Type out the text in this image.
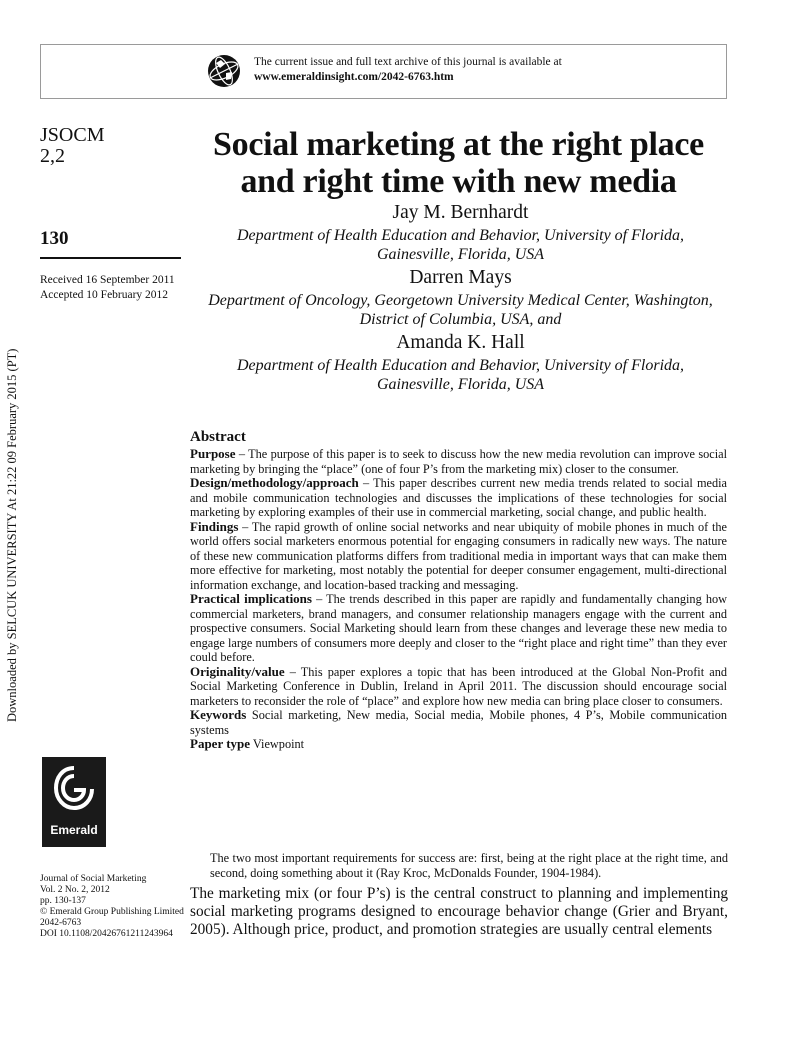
The current issue and full text archive of this journal is available at
www.emeraldinsight.com/2042-6763.htm
Downloaded by SELCUK UNIVERSITY At 21:22 09 February 2015 (PT)
JSOCM
2,2
130
Received 16 September 2011
Accepted 10 February 2012
Emerald
Journal of Social Marketing
Vol. 2 No. 2, 2012
pp. 130-137
© Emerald Group Publishing Limited
2042-6763
DOI 10.1108/20426761211243964
Social marketing at the right place
and right time with new media
Jay M. Bernhardt
Department of Health Education and Behavior, University of Florida,
Gainesville, Florida, USA
Darren Mays
Department of Oncology, Georgetown University Medical Center, Washington,
District of Columbia, USA, and
Amanda K. Hall
Department of Health Education and Behavior, University of Florida,
Gainesville, Florida, USA
Abstract

Purpose – The purpose of this paper is to seek to discuss how the new media revolution can improve social marketing by bringing the “place” (one of four P’s from the marketing mix) closer to the consumer.

Design/methodology/approach – This paper describes current new media trends related to social media and mobile communication technologies and discusses the implications of these technologies for social marketing by exploring examples of their use in commercial marketing, social change, and public health.

Findings – The rapid growth of online social networks and near ubiquity of mobile phones in much of the world offers social marketers enormous potential for engaging consumers in radically new ways. The nature of these new communication platforms differs from traditional media in important ways that can make them more effective for marketing, most notably the potential for deeper consumer engagement, multi-directional information exchange, and location-based tracking and messaging.

Practical implications – The trends described in this paper are rapidly and fundamentally changing how commercial marketers, brand managers, and consumer relationship managers engage with the current and prospective consumers. Social Marketing should learn from these changes and leverage these new media to engage large numbers of consumers more deeply and closer to the “right place and right time” than they ever could before.

Originality/value – This paper explores a topic that has been introduced at the Global Non-Profit and Social Marketing Conference in Dublin, Ireland in April 2011. The discussion should encourage social marketers to reconsider the role of “place” and explore how new media can bring place closer to consumers.

Keywords Social marketing, New media, Social media, Mobile phones, 4 P’s, Mobile communication systems

Paper type Viewpoint

The two most important requirements for success are: first, being at the right place at the right time, and second, doing something about it (Ray Kroc, McDonalds Founder, 1904-1984).
The marketing mix (or four P’s) is the central construct to planning and implementing social marketing programs designed to encourage behavior change (Grier and Bryant, 2005). Although price, product, and promotion strategies are usually central elements
